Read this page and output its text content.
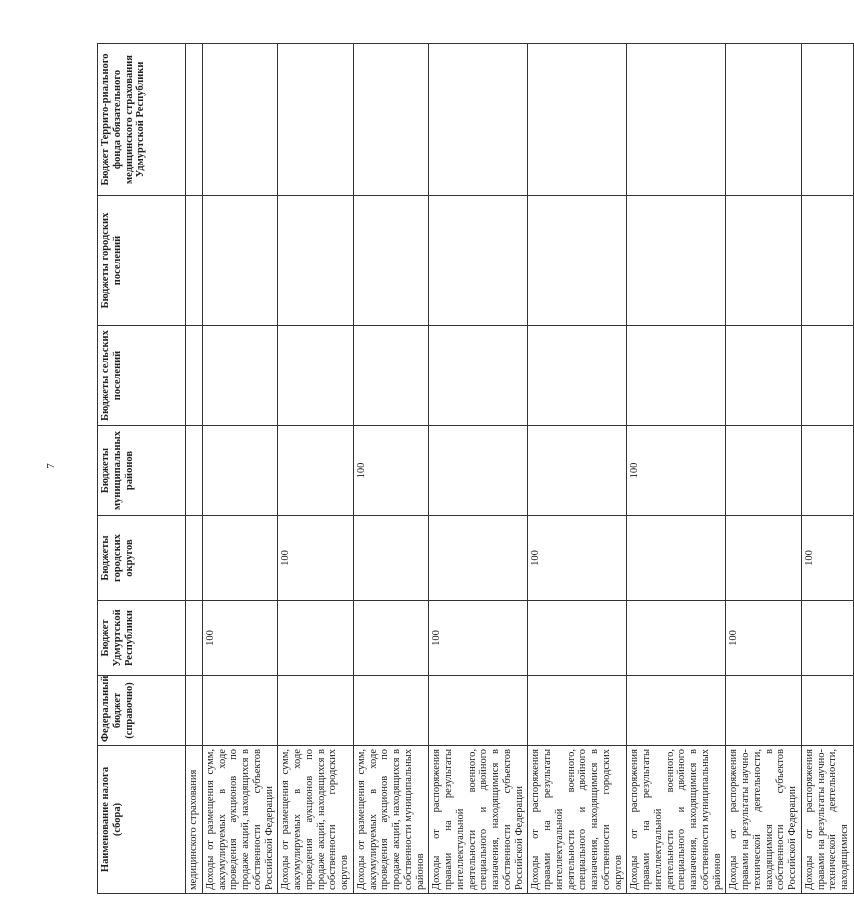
7
Наименование налога (сбора)	Федеральный бюджет (справочно)	Бюджет Удмуртской Республики	Бюджеты городских округов	Бюджеты муниципальных районов	Бюджеты сельских поселений	Бюджеты городских поселений	Бюджет Террито-риального фонда обязательного медицинского страхования Удмуртской Республики
медицинского страхования							
Доходы от размещения сумм, аккумулируемых в ходе проведения аукционов по продаже акций, находящихся в собственности субъектов Российской Федерации		100					
Доходы от размещения сумм, аккумулируемых в ходе проведения аукционов по продаже акций, находящихся в собственности городских округов			100				
Доходы от размещения сумм, аккумулируемых в ходе проведения аукционов по продаже акций, находящихся в собственности муниципальных районов				100			
Доходы от распоряжения правами на результаты интеллектуальной деятельности военного, специального и двойного назначения, находящимися в собственности субъектов Российской Федерации		100					
Доходы от распоряжения правами на результаты интеллектуальной деятельности военного, специального и двойного назначения, находящимися в собственности городских округов			100				
Доходы от распоряжения правами на результаты интеллектуальной деятельности военного, специального и двойного назначения, находящимися в собственности муниципальных районов				100			
Доходы от распоряжения правами на результаты научно-технической деятельности, находящимися в собственности субъектов Российской Федерации		100					
Доходы от распоряжения правами на результаты научно-технической деятельности, находящимися			100				
